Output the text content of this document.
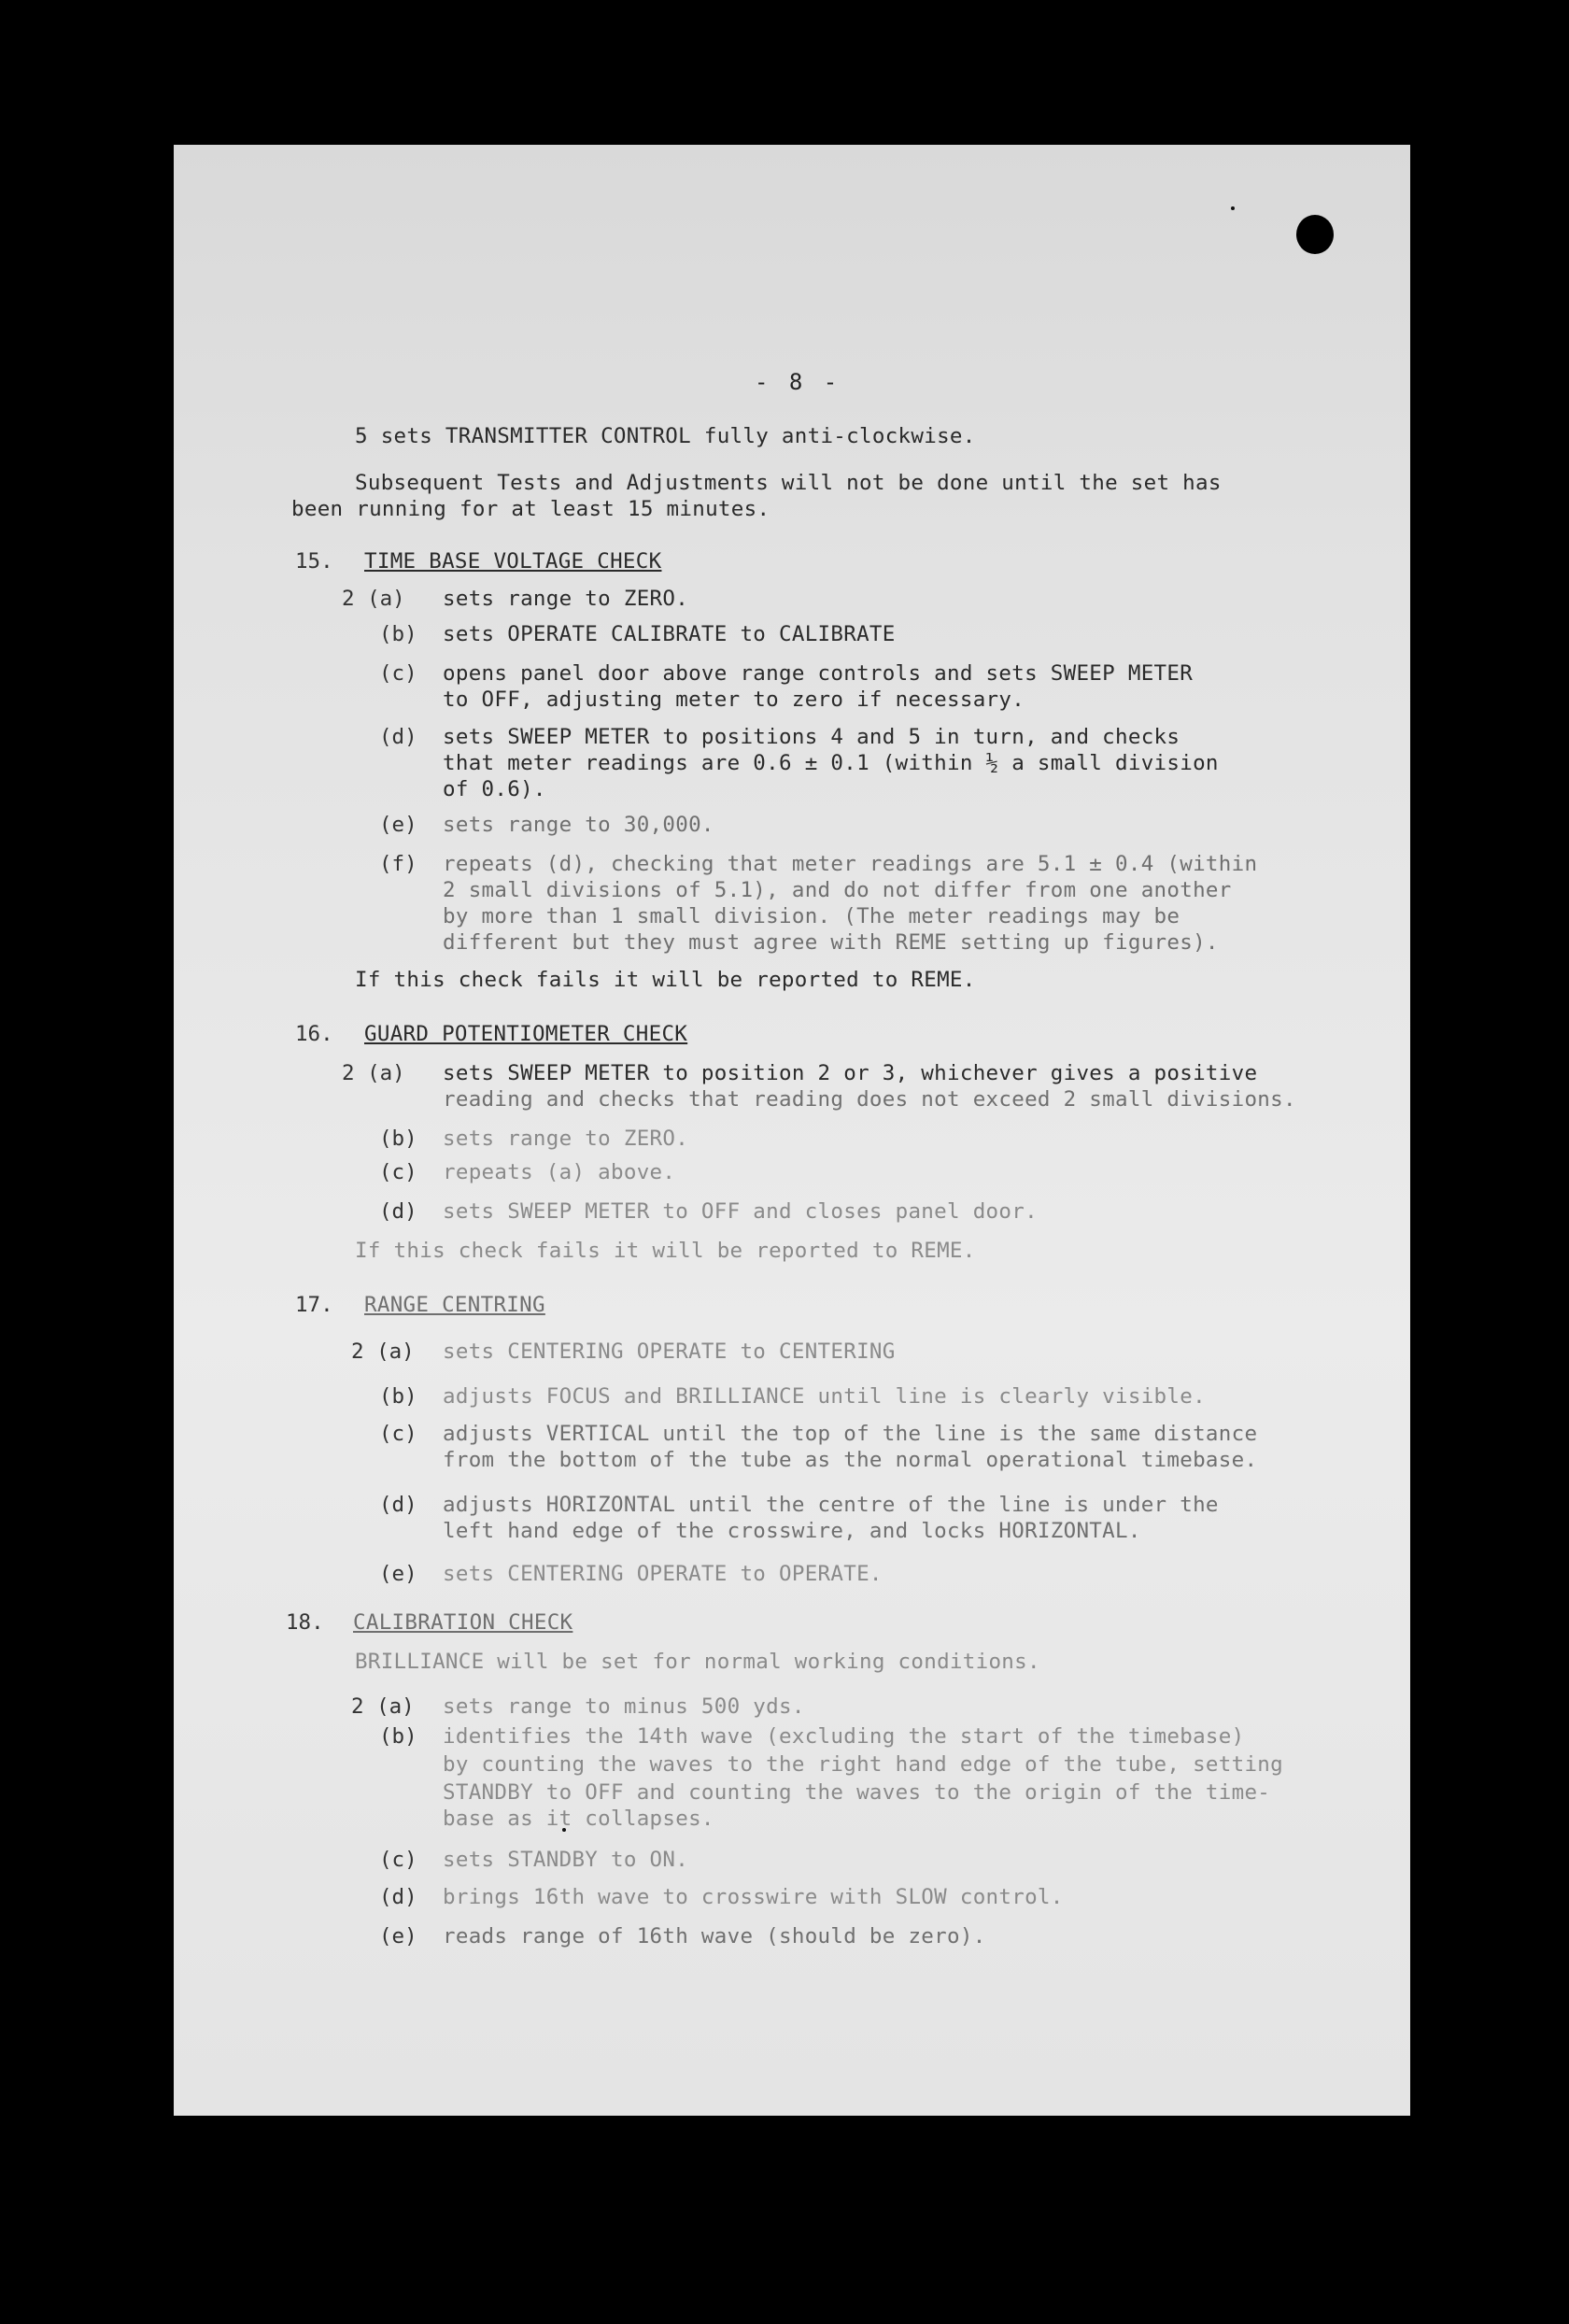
- 8 -

5 sets TRANSMITTER CONTROL fully anti-clockwise.

Subsequent Tests and Adjustments will not be done until the set has

been running for at least 15 minutes.

15. TIME BASE VOLTAGE CHECK

2 (a) sets range to ZERO.

(b) sets OPERATE CALIBRATE to CALIBRATE

(c) opens panel door above range controls and sets SWEEP METER

to OFF, adjusting meter to zero if necessary.

(d) sets SWEEP METER to positions 4 and 5 in turn, and checks

that meter readings are 0.6 ± 0.1 (within ½ a small division

of 0.6).

(e) sets range to 30,000.

(f) repeats (d), checking that meter readings are 5.1 ± 0.4 (within

2 small divisions of 5.1), and do not differ from one another

by more than 1 small division. (The meter readings may be

different but they must agree with REME setting up figures).

If this check fails it will be reported to REME.

16. GUARD POTENTIOMETER CHECK

2 (a) sets SWEEP METER to position 2 or 3, whichever gives a positive

reading and checks that reading does not exceed 2 small divisions.

(b) sets range to ZERO.

(c) repeats (a) above.

(d) sets SWEEP METER to OFF and closes panel door.

If this check fails it will be reported to REME.

17. RANGE CENTRING

2 (a) sets CENTERING OPERATE to CENTERING

(b) adjusts FOCUS and BRILLIANCE until line is clearly visible.

(c) adjusts VERTICAL until the top of the line is the same distance

from the bottom of the tube as the normal operational timebase.

(d) adjusts HORIZONTAL until the centre of the line is under the

left hand edge of the crosswire, and locks HORIZONTAL.

(e) sets CENTERING OPERATE to OPERATE.

18. CALIBRATION CHECK

BRILLIANCE will be set for normal working conditions.

2 (a) sets range to minus 500 yds.

(b) identifies the 14th wave (excluding the start of the timebase)

by counting the waves to the right hand edge of the tube, setting

STANDBY to OFF and counting the waves to the origin of the time-

base as it collapses.

(c) sets STANDBY to ON.

(d) brings 16th wave to crosswire with SLOW control.

(e) reads range of 16th wave (should be zero).
